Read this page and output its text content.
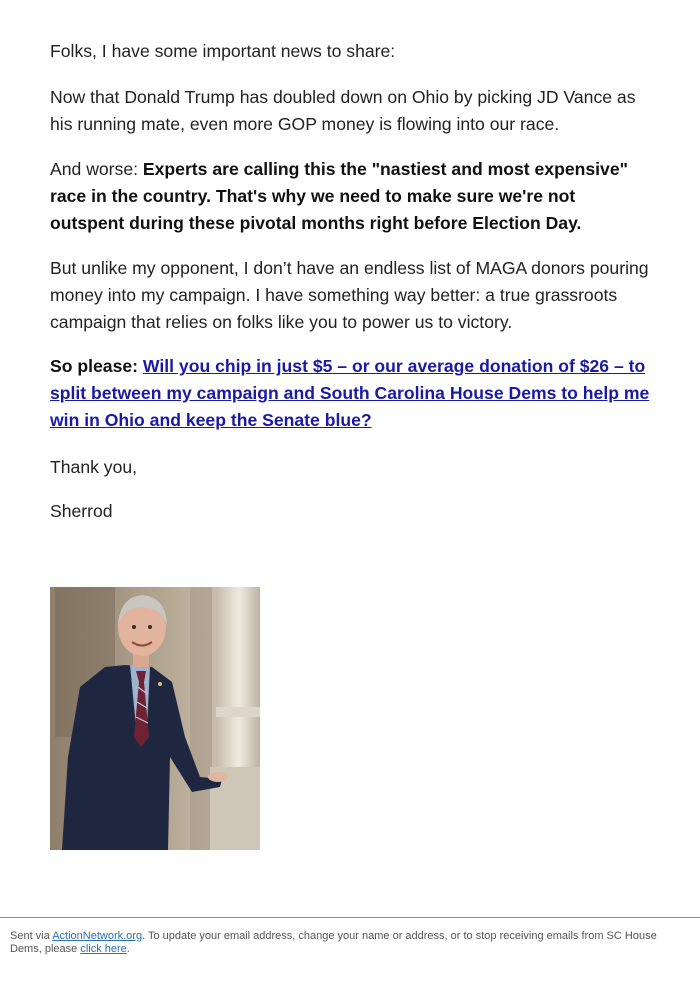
Folks, I have some important news to share:

Now that Donald Trump has doubled down on Ohio by picking JD Vance as his running mate, even more GOP money is flowing into our race.

And worse: Experts are calling this the "nastiest and most expensive" race in the country. That's why we need to make sure we're not outspent during these pivotal months right before Election Day.

But unlike my opponent, I don’t have an endless list of MAGA donors pouring money into my campaign. I have something way better: a true grassroots campaign that relies on folks like you to power us to victory.

So please: Will you chip in just $5 – or our average donation of $26 – to split between my campaign and South Carolina House Dems to help me win in Ohio and keep the Senate blue?

Thank you,

Sherrod

Sent via ActionNetwork.org. To update your email address, change your name or address, or to stop receiving emails from SC House Dems, please click here.
